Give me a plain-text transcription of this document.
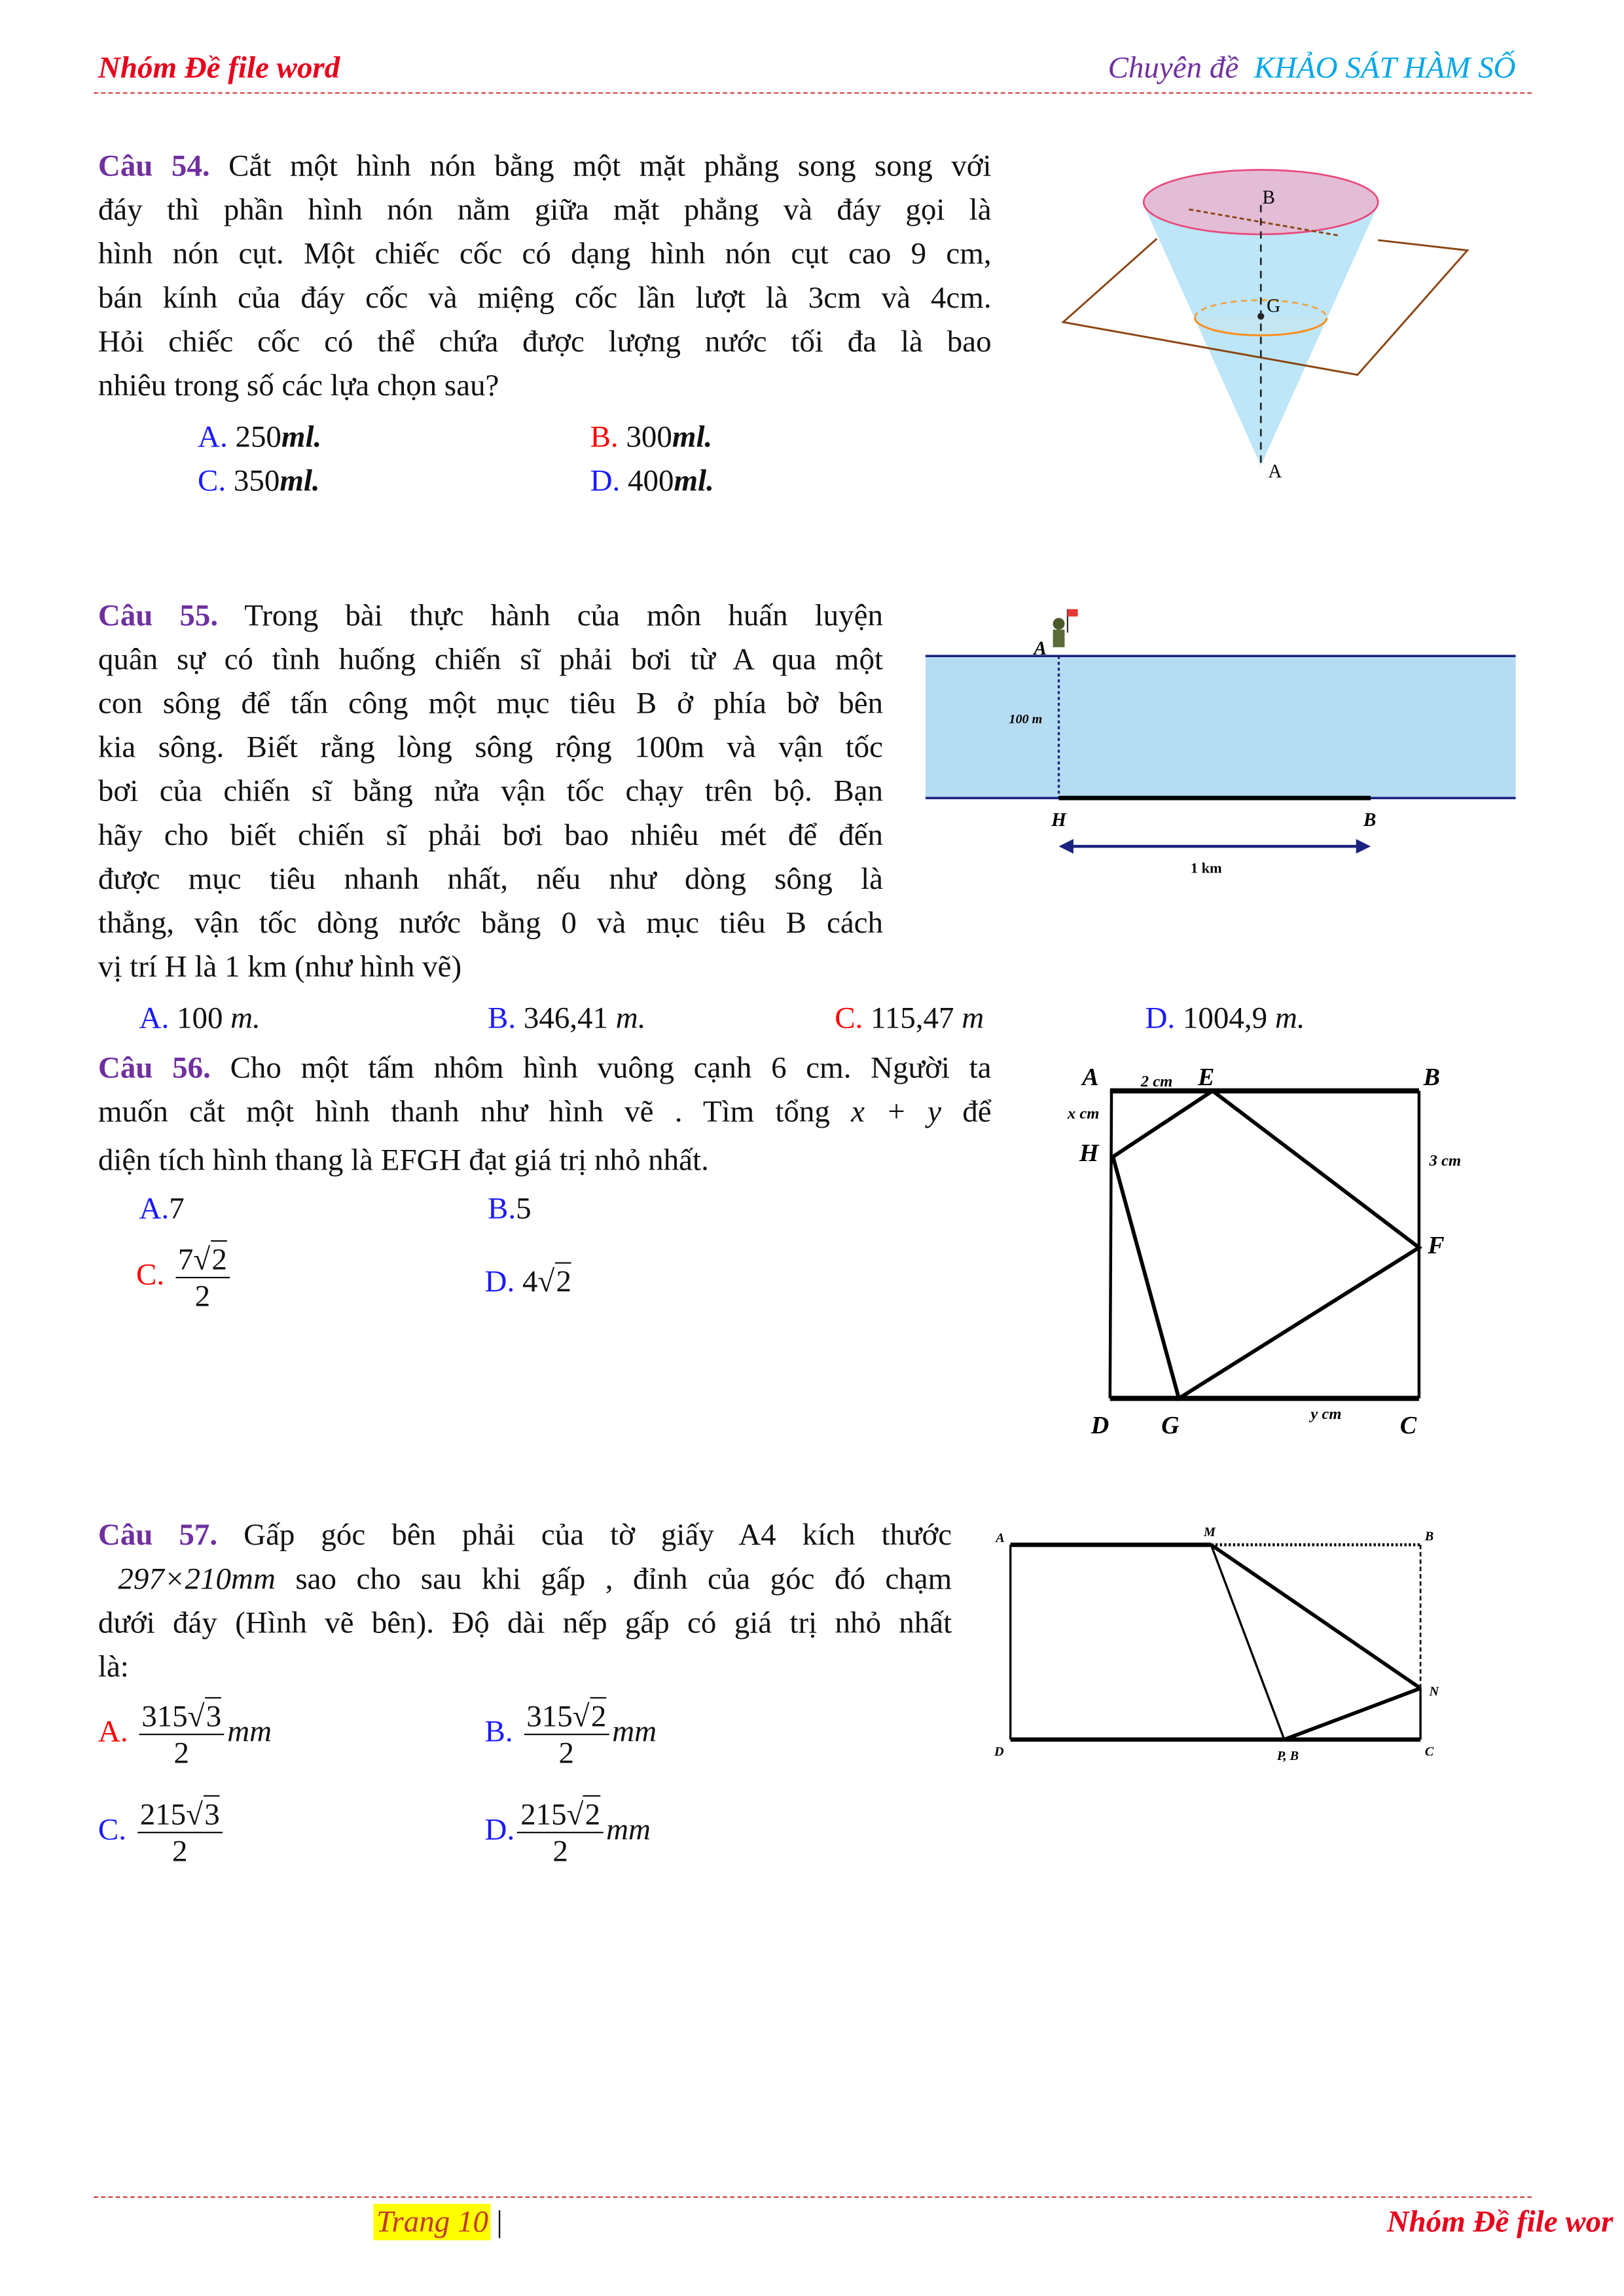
Nhóm Đề file word	Chuyên đề KHẢO SÁT HÀM SỐ
B
G
A
A
100 m
H	B
1 km
A	2 cm E	B
x cm
H	3 cm
F
D	G	y cm	C
A	M	B
N
D	P, B	C
Câu 54. Cắt một hình nón bằng một mặt phẳng song song với
đáy thì phần hình nón nằm giữa mặt phẳng và đáy gọi là
hình nón cụt. Một chiếc cốc có dạng hình nón cụt cao 9 cm,
bán kính của đáy cốc và miệng cốc lần lượt là 3cm và 4cm.
Hỏi chiếc cốc có thể chứa được lượng nước tối đa là bao
nhiêu trong số các lựa chọn sau?
A. 250ml.	B. 300ml.
C. 350ml.	D. 400ml.
Câu 55. Trong bài thực hành của môn huấn luyện
quân sự có tình huống chiến sĩ phải bơi từ A qua một
con sông để tấn công một mục tiêu B ở phía bờ bên
kia sông. Biết rằng lòng sông rộng 100m và vận tốc
bơi của chiến sĩ bằng nửa vận tốc chạy trên bộ. Bạn
hãy cho biết chiến sĩ phải bơi bao nhiêu mét để đến
được mục tiêu nhanh nhất, nếu như dòng sông là
thẳng, vận tốc dòng nước bằng 0 và mục tiêu B cách
vị trí H là 1 km (như hình vẽ)
A. 100 m.	B. 346,41 m.	C. 115,47 m	D. 1004,9 m.
Câu 56. Cho một tấm nhôm hình vuông cạnh 6 cm. Người ta
muốn cắt một hình thanh như hình vẽ . Tìm tổng x + y để
diện tích hình thang là EFGH đạt giá trị nhỏ nhất.
A.7	B.5
C. $\frac{7√ 2}{2}$	D. 4√ 2
Câu 57. Gấp góc bên phải của tờ giấy A4 kích thước
297×210mm sao cho sau khi gấp , đỉnh của góc đó chạm
dưới đáy (Hình vẽ bên). Độ dài nếp gấp có giá trị nhỏ nhất
là:
A. $\frac{315√ 3}{2}$ mm	B. $\frac{315√ 2}{2}$ mm
C. $\frac{215√ 3}{2}$	D. $\frac{215√ 2}{2}$ mm
Trang 10 |	Nhóm Đề file wor
